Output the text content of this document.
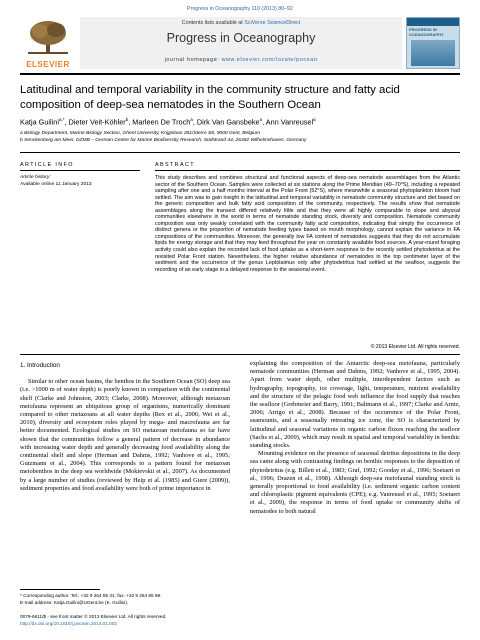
Progress in Oceanography 110 (2013) 80–92
ELSEVIER
Contents lists available at SciVerse ScienceDirect
Progress in Oceanography
journal homepage: www.elsevier.com/locate/pocean
PROGRESS IN OCEANOGRAPHY
Latitudinal and temporal variability in the community structure and fatty acid composition of deep-sea nematodes in the Southern Ocean
Katja Guilini$^{a,*}$, Dieter Veit-Köhler$^b$, Marleen De Troch$^a$, Dirk Van Gansbeke$^a$, Ann Vanreusel$^a$
a Biology Department, Marine Biology Section, Ghent University, Krijgslaan 281/Sterre S8, 9000 Gent, Belgium
b Senckenberg am Meer, DZMB – German Centre for Marine Biodiversity Research, Südstrand 44, 26382 Wilhelmshaven, Germany
ARTICLE INFO	ABSTRACT
Article history:
Available online 11 January 2013
This study describes and combines structural and functional aspects of deep-sea nematode assemblages from the Atlantic sector of the Southern Ocean. Samples were collected at six stations along the Prime Meridian (49–70°S), including a repeated sampling after one and a half months interval at the Polar Front (52°S), where meanwhile a seasonal phytoplankton bloom had settled. The aim was to gain insight in the latitudinal and temporal variability in nematode community structure and diet based on the generic composition and bulk fatty acid composition of the community, respectively. The results show that nematode assemblages along the transect differed relatively little and that they were all highly comparable to slope and abyssal communities elsewhere in the world in terms of nematode standing stock, diversity and composition. Nematode community composition was only weakly correlated with the community fatty acid composition, indicating that simply the occurrence of distinct genera or the proportion of nematode feeding types based on mouth morphology, cannot explain the variance in FA compositions of the communities. Moreover, the generally low FA content of nematodes suggests that they do not accumulate lipids for energy storage and that they may feed throughout the year on constantly available food sources. A year-round foraging activity could also explain the recorded lack of food uptake as a short-term response to the recently settled phytodetritus at the revisited Polar Front station. Nevertheless, the higher relative abundance of nematodes in the top centimeter layer of the sediment and the occurrence of the genus Leptolaimus only after phytodetritus had settled at the seafloor, suggests the recording of an early stage in a delayed response to the seasonal event.
© 2013 Elsevier Ltd. All rights reserved.
1. Introduction

Similar to other ocean basins, the benthos in the Southern Ocean (SO) deep sea (i.e. >1000 m of water depth) is poorly known in comparison with the continental shelf (Clarke and Johnston, 2003; Clarke, 2008). Moreover, although metazoan meiofauna represent an ubiquitous group of organisms, numerically dominant compared to other metazoans at all water depths (Rex et al., 2006; Wei et al., 2010), diversity and ecosystem roles played by mega- and macrofauna are far better documented. Ecological studies on SO metazoan meiofauna so far have shown that the communities follow a general pattern of decrease in abundance with increasing water depth and generally decreasing food availability along the continental shelf and slope (Herman and Dahms, 1992; Vanhove et al., 1995; Gutzmann et al., 2004). This corresponds to a pattern found for metazoan meiobenthos in the deep sea worldwide (Mokievskii et al., 2007). As documented by a large number of studies (reviewed by Heip et al. (1985) and Giere (2009)), sediment properties and food availability were both of prime importance in

explaining the composition of the Antarctic deep-sea meiofauna, particularly nematode communities (Herman and Dahms, 1992; Vanhove et al., 1995, 2004). Apart from water depth, other multiple, interdependent factors such as hydrography, topography, ice coverage, light, temperature, nutrient availability and the structure of the pelagic food web influence the food supply that reaches the seafloor (Grebmeier and Barry, 1991; Baltmann et al., 1997; Clarke and Arntz, 2006; Arrigo et al., 2008). Because of the occurrence of the Polar Front, seamounts, and a seasonally retreating ice zone, the SO is characterized by latitudinal and seasonal variations in organic carbon fluxes reaching the seafloor (Sachs et al., 2009), which may result in spatial and temporal variability in benthic standing stocks.

Mounting evidence on the presence of seasonal detritus depositions in the deep sea came along with contrasting findings on benthic responses to the deposition of phytodetritus (e.g. Billett et al., 1983; Graf, 1992; Gooday et al., 1996; Soetaert et al., 1996; Drazen et al., 1998). Although deep-sea meiofaunal standing stock is generally proportional to food availability (i.e. sediment organic carbon content and chloroplastic pigment equivalents (CPE); e.g. Vanreusel et al., 1995; Soetaert et al., 2009), the response in terms of food uptake or community shifts of nematodes to both natural

* Corresponding author. Tel.: +32 9 264 85 31; fax: +32 9 264 85 98.
E-mail address: Katja.Guilini@UGent.be (K. Guilini).
0079-6611/$ - see front matter © 2013 Elsevier Ltd. All rights reserved.
http://dx.doi.org/10.1016/j.pocean.2013.01.002
